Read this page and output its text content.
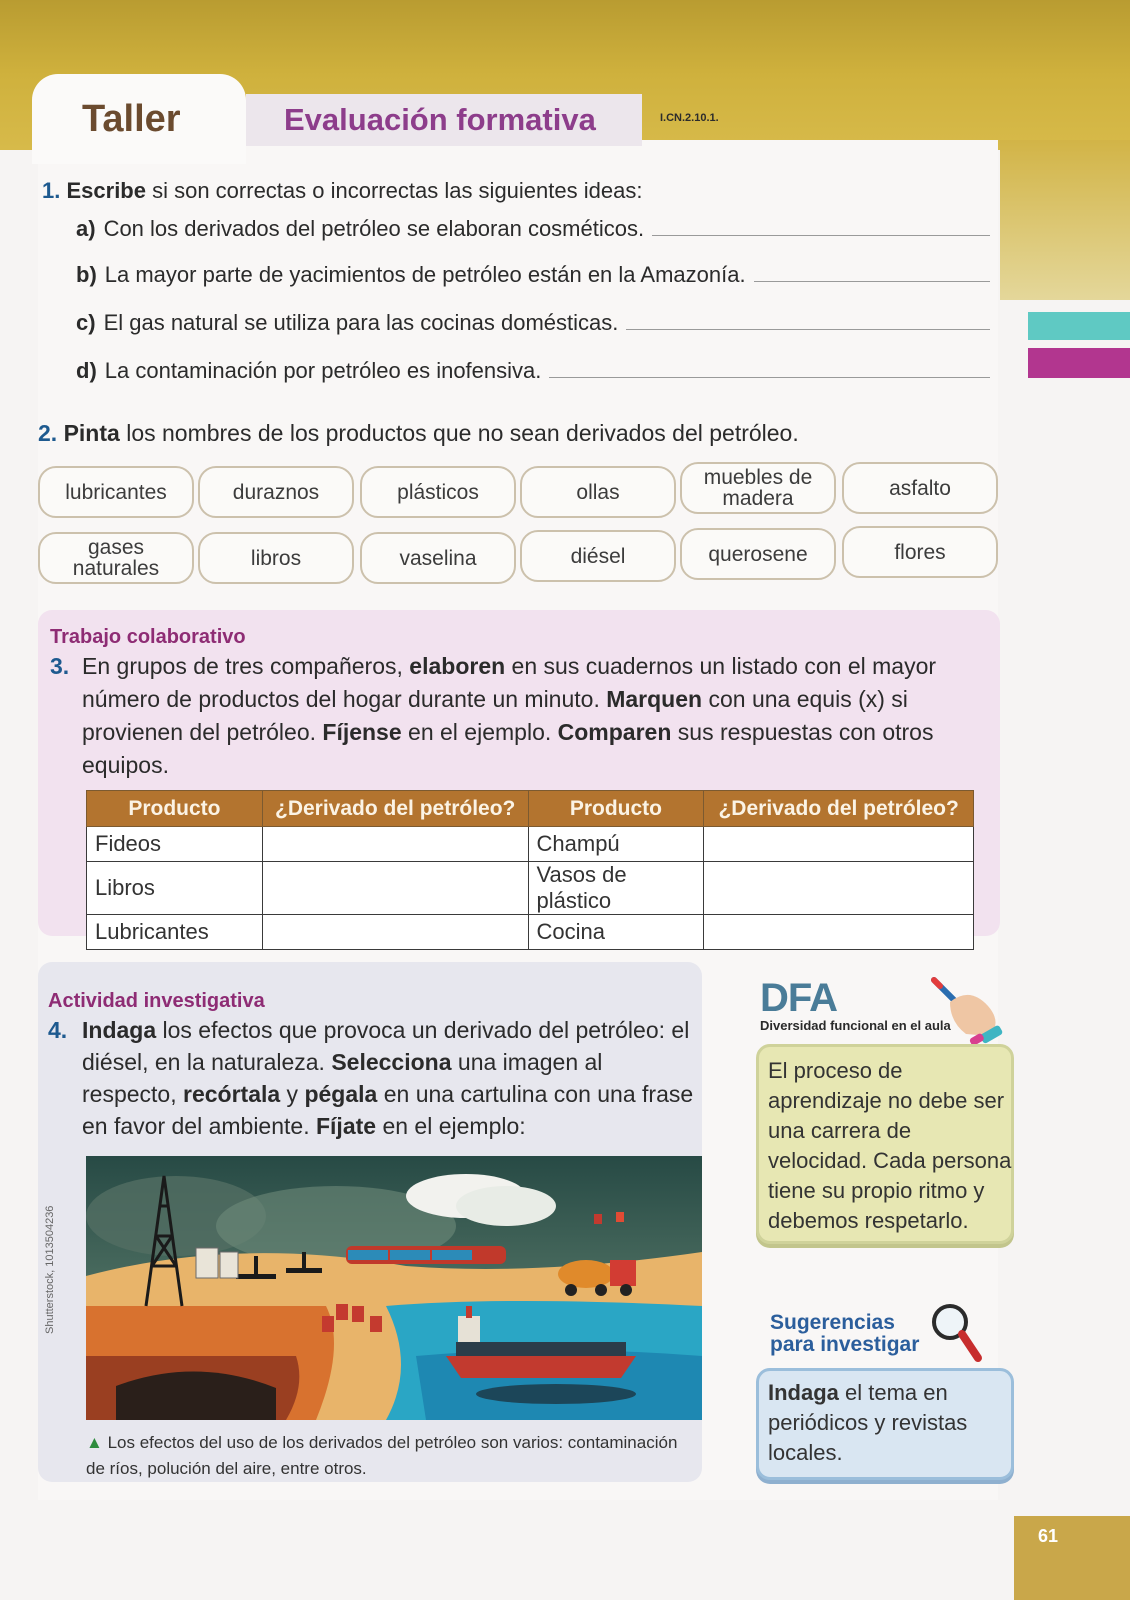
Taller	Evaluación formativa	I.CN.2.10.1.
1. Escribe si son correctas o incorrectas las siguientes ideas:
a) Con los derivados del petróleo se elaboran cosméticos.
b) La mayor parte de yacimientos de petróleo están en la Amazonía.
c) El gas natural se utiliza para las cocinas domésticas.
d) La contaminación por petróleo es inofensiva.
2. Pinta los nombres de los productos que no sean derivados del petróleo.
lubricantes	duraznos	plásticos	ollas
muebles de madera	asfalto
gases naturales	libros	vaselina	diésel	querosene	flores
Trabajo colaborativo
3. En grupos de tres compañeros, elaboren en sus cuadernos un listado con el mayor número de productos del hogar durante un minuto. Marquen con una equis (x) si provienen del petróleo. Fíjense en el ejemplo. Comparen sus respuestas con otros equipos.
Producto	¿Derivado del petróleo?	Producto	¿Derivado del petróleo?
Fideos		Champú	
Libros		Vasos de plástico	
Lubricantes		Cocina	
Actividad investigativa
4. Indaga los efectos que provoca un derivado del petróleo: el diésel, en la naturaleza. Selecciona una imagen al respecto, recórtala y pégala en una cartulina con una frase en favor del ambiente. Fíjate en el ejemplo:
Shutterstock, 1013504236
▲ Los efectos del uso de los derivados del petróleo son varios: contaminación de ríos, polución del aire, entre otros.
DFA
Diversidad funcional en el aula
El proceso de aprendizaje no debe ser una carrera de velocidad. Cada persona tiene su propio ritmo y debemos respetarlo.
Sugerencias
para investigar
Indaga el tema en periódicos y revistas locales.
61
